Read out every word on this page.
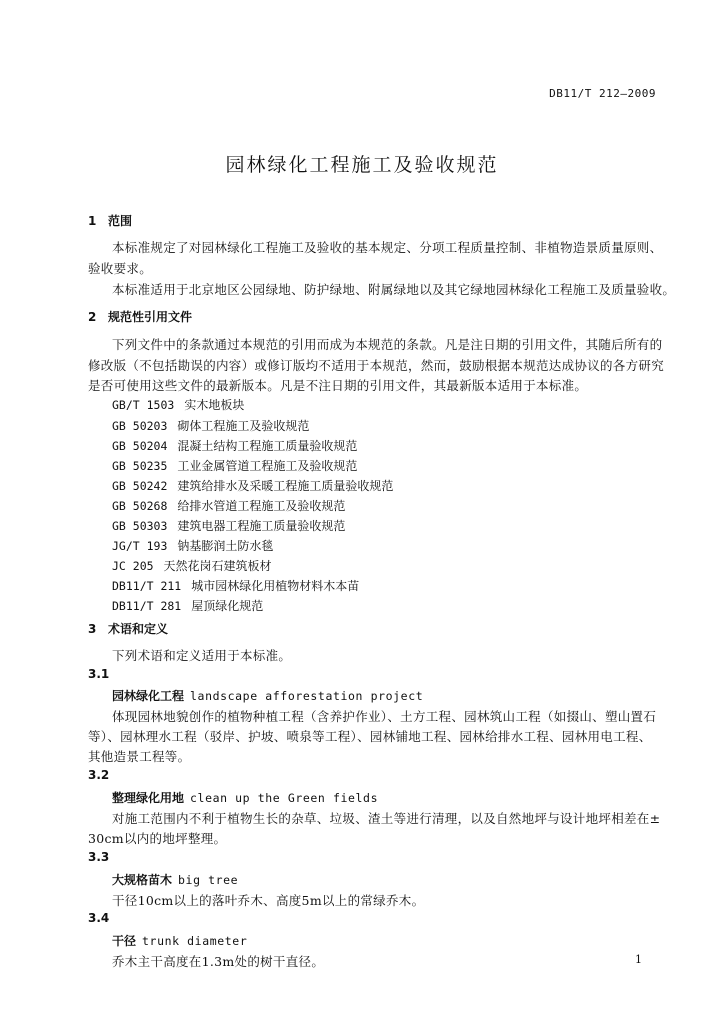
DB11/T 212—2009
园林绿化工程施工及验收规范
1 范围
本标准规定了对园林绿化工程施工及验收的基本规定、分项工程质量控制、非植物造景质量原则、
验收要求。
本标准适用于北京地区公园绿地、防护绿地、附属绿地以及其它绿地园林绿化工程施工及质量验收。
2 规范性引用文件
下列文件中的条款通过本规范的引用而成为本规范的条款。凡是注日期的引用文件，其随后所有的
修改版（不包括勘误的内容）或修订版均不适用于本规范，然而，鼓励根据本规范达成协议的各方研究
是否可使用这些文件的最新版本。凡是不注日期的引用文件，其最新版本适用于本标准。
GB/T 1503 实木地板块
GB 50203 砌体工程施工及验收规范
GB 50204 混凝土结构工程施工质量验收规范
GB 50235 工业金属管道工程施工及验收规范
GB 50242 建筑给排水及采暖工程施工质量验收规范
GB 50268 给排水管道工程施工及验收规范
GB 50303 建筑电器工程施工质量验收规范
JG/T 193 钠基膨润土防水毯
JC 205 天然花岗石建筑板材
DB11/T 211 城市园林绿化用植物材料木本苗
DB11/T 281 屋顶绿化规范
3 术语和定义
下列术语和定义适用于本标准。
3.1
园林绿化工程 landscape afforestation project
体现园林地貌创作的植物种植工程（含养护作业）、土方工程、园林筑山工程（如掇山、塑山置石
等）、园林理水工程（驳岸、护坡、喷泉等工程）、园林铺地工程、园林给排水工程、园林用电工程、
其他造景工程等。
3.2
整理绿化用地 clean up the Green fields
对施工范围内不利于植物生长的杂草、垃圾、渣土等进行清理，以及自然地坪与设计地坪相差在±
30cm以内的地坪整理。
3.3
大规格苗木 big tree
干径10cm以上的落叶乔木、高度5m以上的常绿乔木。
3.4
干径 trunk diameter
乔木主干高度在1.3m处的树干直径。	1
